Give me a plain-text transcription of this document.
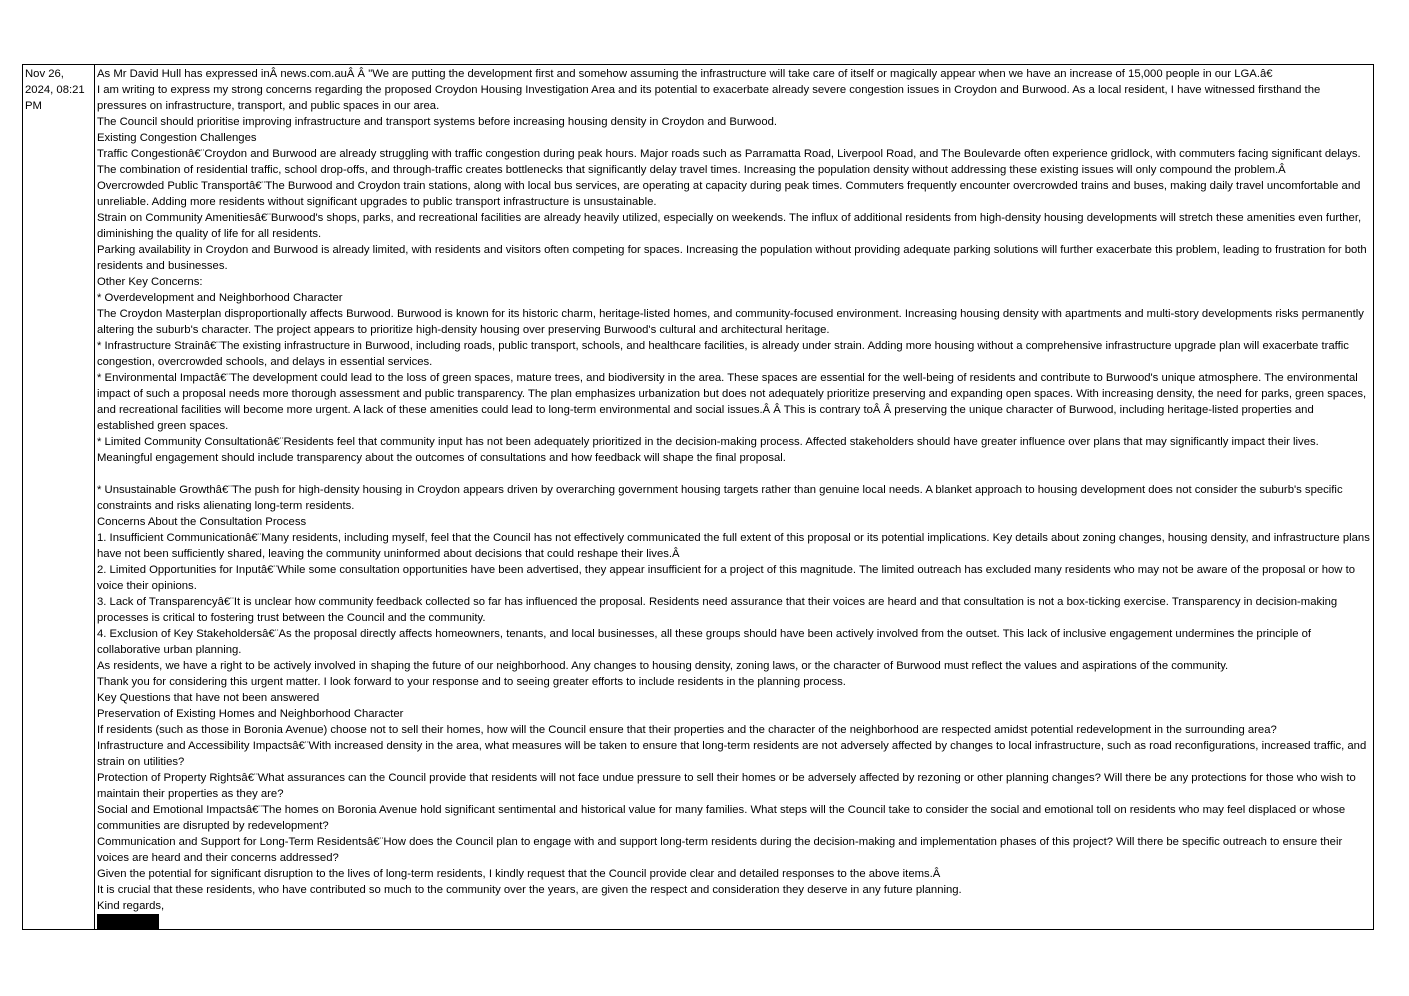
Nov 26, 2024, 08:21 PM
As Mr David Hull has expressed inÂ news.com.auÂ Â "We are putting the development first and somehow assuming the infrastructure will take care of itself or magically appear when we have an increase of 15,000 people in our LGA.â€
I am writing to express my strong concerns regarding the proposed Croydon Housing Investigation Area and its potential to exacerbate already severe congestion issues in Croydon and Burwood. As a local resident, I have witnessed firsthand the pressures on infrastructure, transport, and public spaces in our area.
The Council should prioritise improving infrastructure and transport systems before increasing housing density in Croydon and Burwood.
Existing Congestion Challenges
Traffic Congestionâ€¨Croydon and Burwood are already struggling with traffic congestion during peak hours. Major roads such as Parramatta Road, Liverpool Road, and The Boulevarde often experience gridlock, with commuters facing significant delays. The combination of residential traffic, school drop-offs, and through-traffic creates bottlenecks that significantly delay travel times. Increasing the population density without addressing these existing issues will only compound the problem.Â
Overcrowded Public Transportâ€¨The Burwood and Croydon train stations, along with local bus services, are operating at capacity during peak times. Commuters frequently encounter overcrowded trains and buses, making daily travel uncomfortable and unreliable. Adding more residents without significant upgrades to public transport infrastructure is unsustainable.
Strain on Community Amenitiesâ€¨Burwood's shops, parks, and recreational facilities are already heavily utilized, especially on weekends. The influx of additional residents from high-density housing developments will stretch these amenities even further, diminishing the quality of life for all residents.
Parking availability in Croydon and Burwood is already limited, with residents and visitors often competing for spaces. Increasing the population without providing adequate parking solutions will further exacerbate this problem, leading to frustration for both residents and businesses.
Other Key Concerns:
* Overdevelopment and Neighborhood Character
The Croydon Masterplan disproportionally affects Burwood. Burwood is known for its historic charm, heritage-listed homes, and community-focused environment. Increasing housing density with apartments and multi-story developments risks permanently altering the suburb's character. The project appears to prioritize high-density housing over preserving Burwood's cultural and architectural heritage.
* Infrastructure Strainâ€¨The existing infrastructure in Burwood, including roads, public transport, schools, and healthcare facilities, is already under strain. Adding more housing without a comprehensive infrastructure upgrade plan will exacerbate traffic congestion, overcrowded schools, and delays in essential services.
* Environmental Impactâ€¨The development could lead to the loss of green spaces, mature trees, and biodiversity in the area. These spaces are essential for the well-being of residents and contribute to Burwood's unique atmosphere. The environmental impact of such a proposal needs more thorough assessment and public transparency. The plan emphasizes urbanization but does not adequately prioritize preserving and expanding open spaces. With increasing density, the need for parks, green spaces, and recreational facilities will become more urgent. A lack of these amenities could lead to long-term environmental and social issues.Â Â This is contrary toÂ Â preserving the unique character of Burwood, including heritage-listed properties and established green spaces.
* Limited Community Consultationâ€¨Residents feel that community input has not been adequately prioritized in the decision-making process. Affected stakeholders should have greater influence over plans that may significantly impact their lives. Meaningful engagement should include transparency about the outcomes of consultations and how feedback will shape the final proposal.
* Unsustainable Growthâ€¨The push for high-density housing in Croydon appears driven by overarching government housing targets rather than genuine local needs. A blanket approach to housing development does not consider the suburb's specific constraints and risks alienating long-term residents.
Concerns About the Consultation Process
1. Insufficient Communicationâ€¨Many residents, including myself, feel that the Council has not effectively communicated the full extent of this proposal or its potential implications. Key details about zoning changes, housing density, and infrastructure plans have not been sufficiently shared, leaving the community uninformed about decisions that could reshape their lives.Â
2. Limited Opportunities for Inputâ€¨While some consultation opportunities have been advertised, they appear insufficient for a project of this magnitude. The limited outreach has excluded many residents who may not be aware of the proposal or how to voice their opinions.
3. Lack of Transparencyâ€¨It is unclear how community feedback collected so far has influenced the proposal. Residents need assurance that their voices are heard and that consultation is not a box-ticking exercise. Transparency in decision-making processes is critical to fostering trust between the Council and the community.
4. Exclusion of Key Stakeholdersâ€¨As the proposal directly affects homeowners, tenants, and local businesses, all these groups should have been actively involved from the outset. This lack of inclusive engagement undermines the principle of collaborative urban planning.
As residents, we have a right to be actively involved in shaping the future of our neighborhood. Any changes to housing density, zoning laws, or the character of Burwood must reflect the values and aspirations of the community.
Thank you for considering this urgent matter. I look forward to your response and to seeing greater efforts to include residents in the planning process.
Key Questions that have not been answered
Preservation of Existing Homes and Neighborhood Character
If residents (such as those in Boronia Avenue) choose not to sell their homes, how will the Council ensure that their properties and the character of the neighborhood are respected amidst potential redevelopment in the surrounding area?
Infrastructure and Accessibility Impactsâ€¨With increased density in the area, what measures will be taken to ensure that long-term residents are not adversely affected by changes to local infrastructure, such as road reconfigurations, increased traffic, and strain on utilities?
Protection of Property Rightsâ€¨What assurances can the Council provide that residents will not face undue pressure to sell their homes or be adversely affected by rezoning or other planning changes? Will there be any protections for those who wish to maintain their properties as they are?
Social and Emotional Impactsâ€¨The homes on Boronia Avenue hold significant sentimental and historical value for many families. What steps will the Council take to consider the social and emotional toll on residents who may feel displaced or whose communities are disrupted by redevelopment?
Communication and Support for Long-Term Residentsâ€¨How does the Council plan to engage with and support long-term residents during the decision-making and implementation phases of this project? Will there be specific outreach to ensure their voices are heard and their concerns addressed?
Given the potential for significant disruption to the lives of long-term residents, I kindly request that the Council provide clear and detailed responses to the above items.Â
It is crucial that these residents, who have contributed so much to the community over the years, are given the respect and consideration they deserve in any future planning.
Kind regards,
